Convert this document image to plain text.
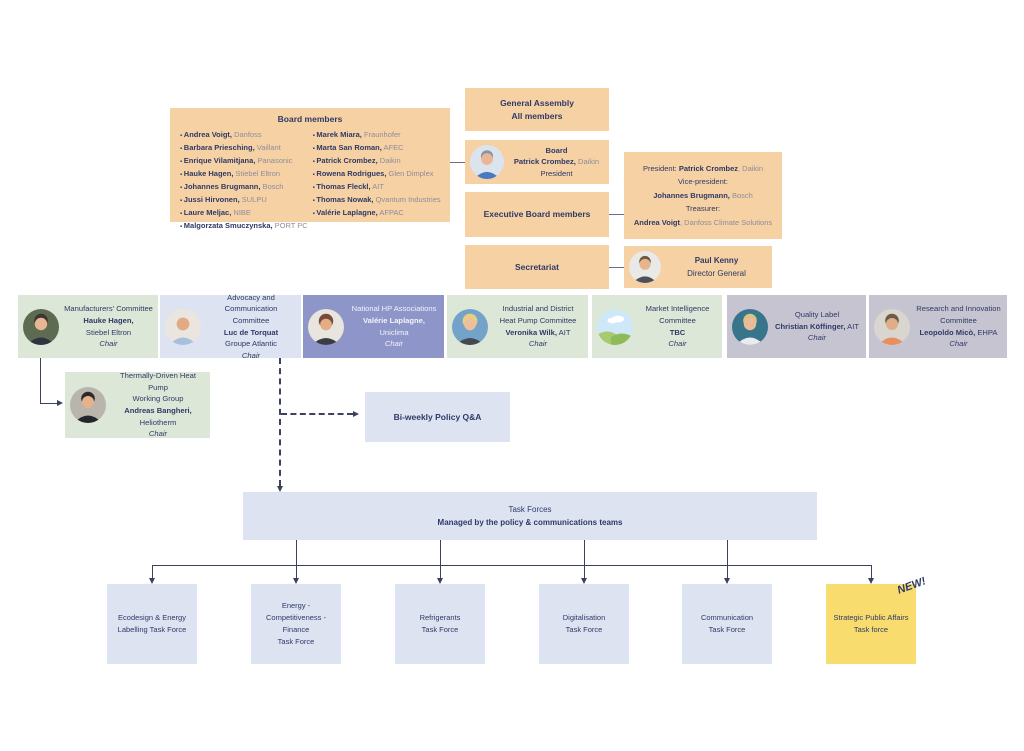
Board members
▪ Andrea Voigt, Danfoss
▪ Barbara Priesching, Vaillant
▪ Enrique Vilamitjana, Panasonic
▪ Hauke Hagen, Stiebel Eltron
▪ Johannes Brugmann, Bosch
▪ Jussi Hirvonen, SULPU
▪ Laure Meljac, NIBE
▪ Malgorzata Smuczynska, PORT PC
▪ Marek Miara, Fraunhofer
▪ Marta San Roman, AFEC
▪ Patrick Crombez, Daikin
▪ Rowena Rodrigues, Glen Dimplex
▪ Thomas Fleckl, AIT
▪ Thomas Nowak, Qvantum Industries
▪ Valérie Laplagne, AFPAC
General Assembly
All members
Board
Patrick Crombez, Daikin
President
Executive Board members
Secretariat
President: Patrick Crombez, Daikin
Vice-president:
Johannes Brugmann, Bosch
Treasurer:
Andrea Voigt, Danfoss Climate Solutions
Paul Kenny
Director General
Manufacturers' Committee
Hauke Hagen,
Stiebel Eltron
Chair
Advocacy and
Communication Committee
Luc de Torquat
Groupe Atlantic
Chair
National HP Associations
Valérie Laplagne,
Uniclima
Chair
Industrial and District
Heat Pump Committee
Veronika Wilk, AIT
Chair
Market Intelligence
Committee
TBC
Chair
Quality Label
Christian Köffinger, AIT
Chair
Research and Innovation
Committee
Leopoldo Micò, EHPA
Chair
Thermally-Driven Heat Pump
Working Group
Andreas Bangheri,
Heliotherm
Chair
Bi-weekly Policy Q&A
Task Forces
Managed by the policy & communications teams
Ecodesign & Energy
Labelling Task Force
Energy -
Competitiveness -
Finance
Task Force
Refrigerants
Task Force
Digitalisation
Task Force
Communication
Task Force
NEW!
Strategic Public Affairs
Task force
